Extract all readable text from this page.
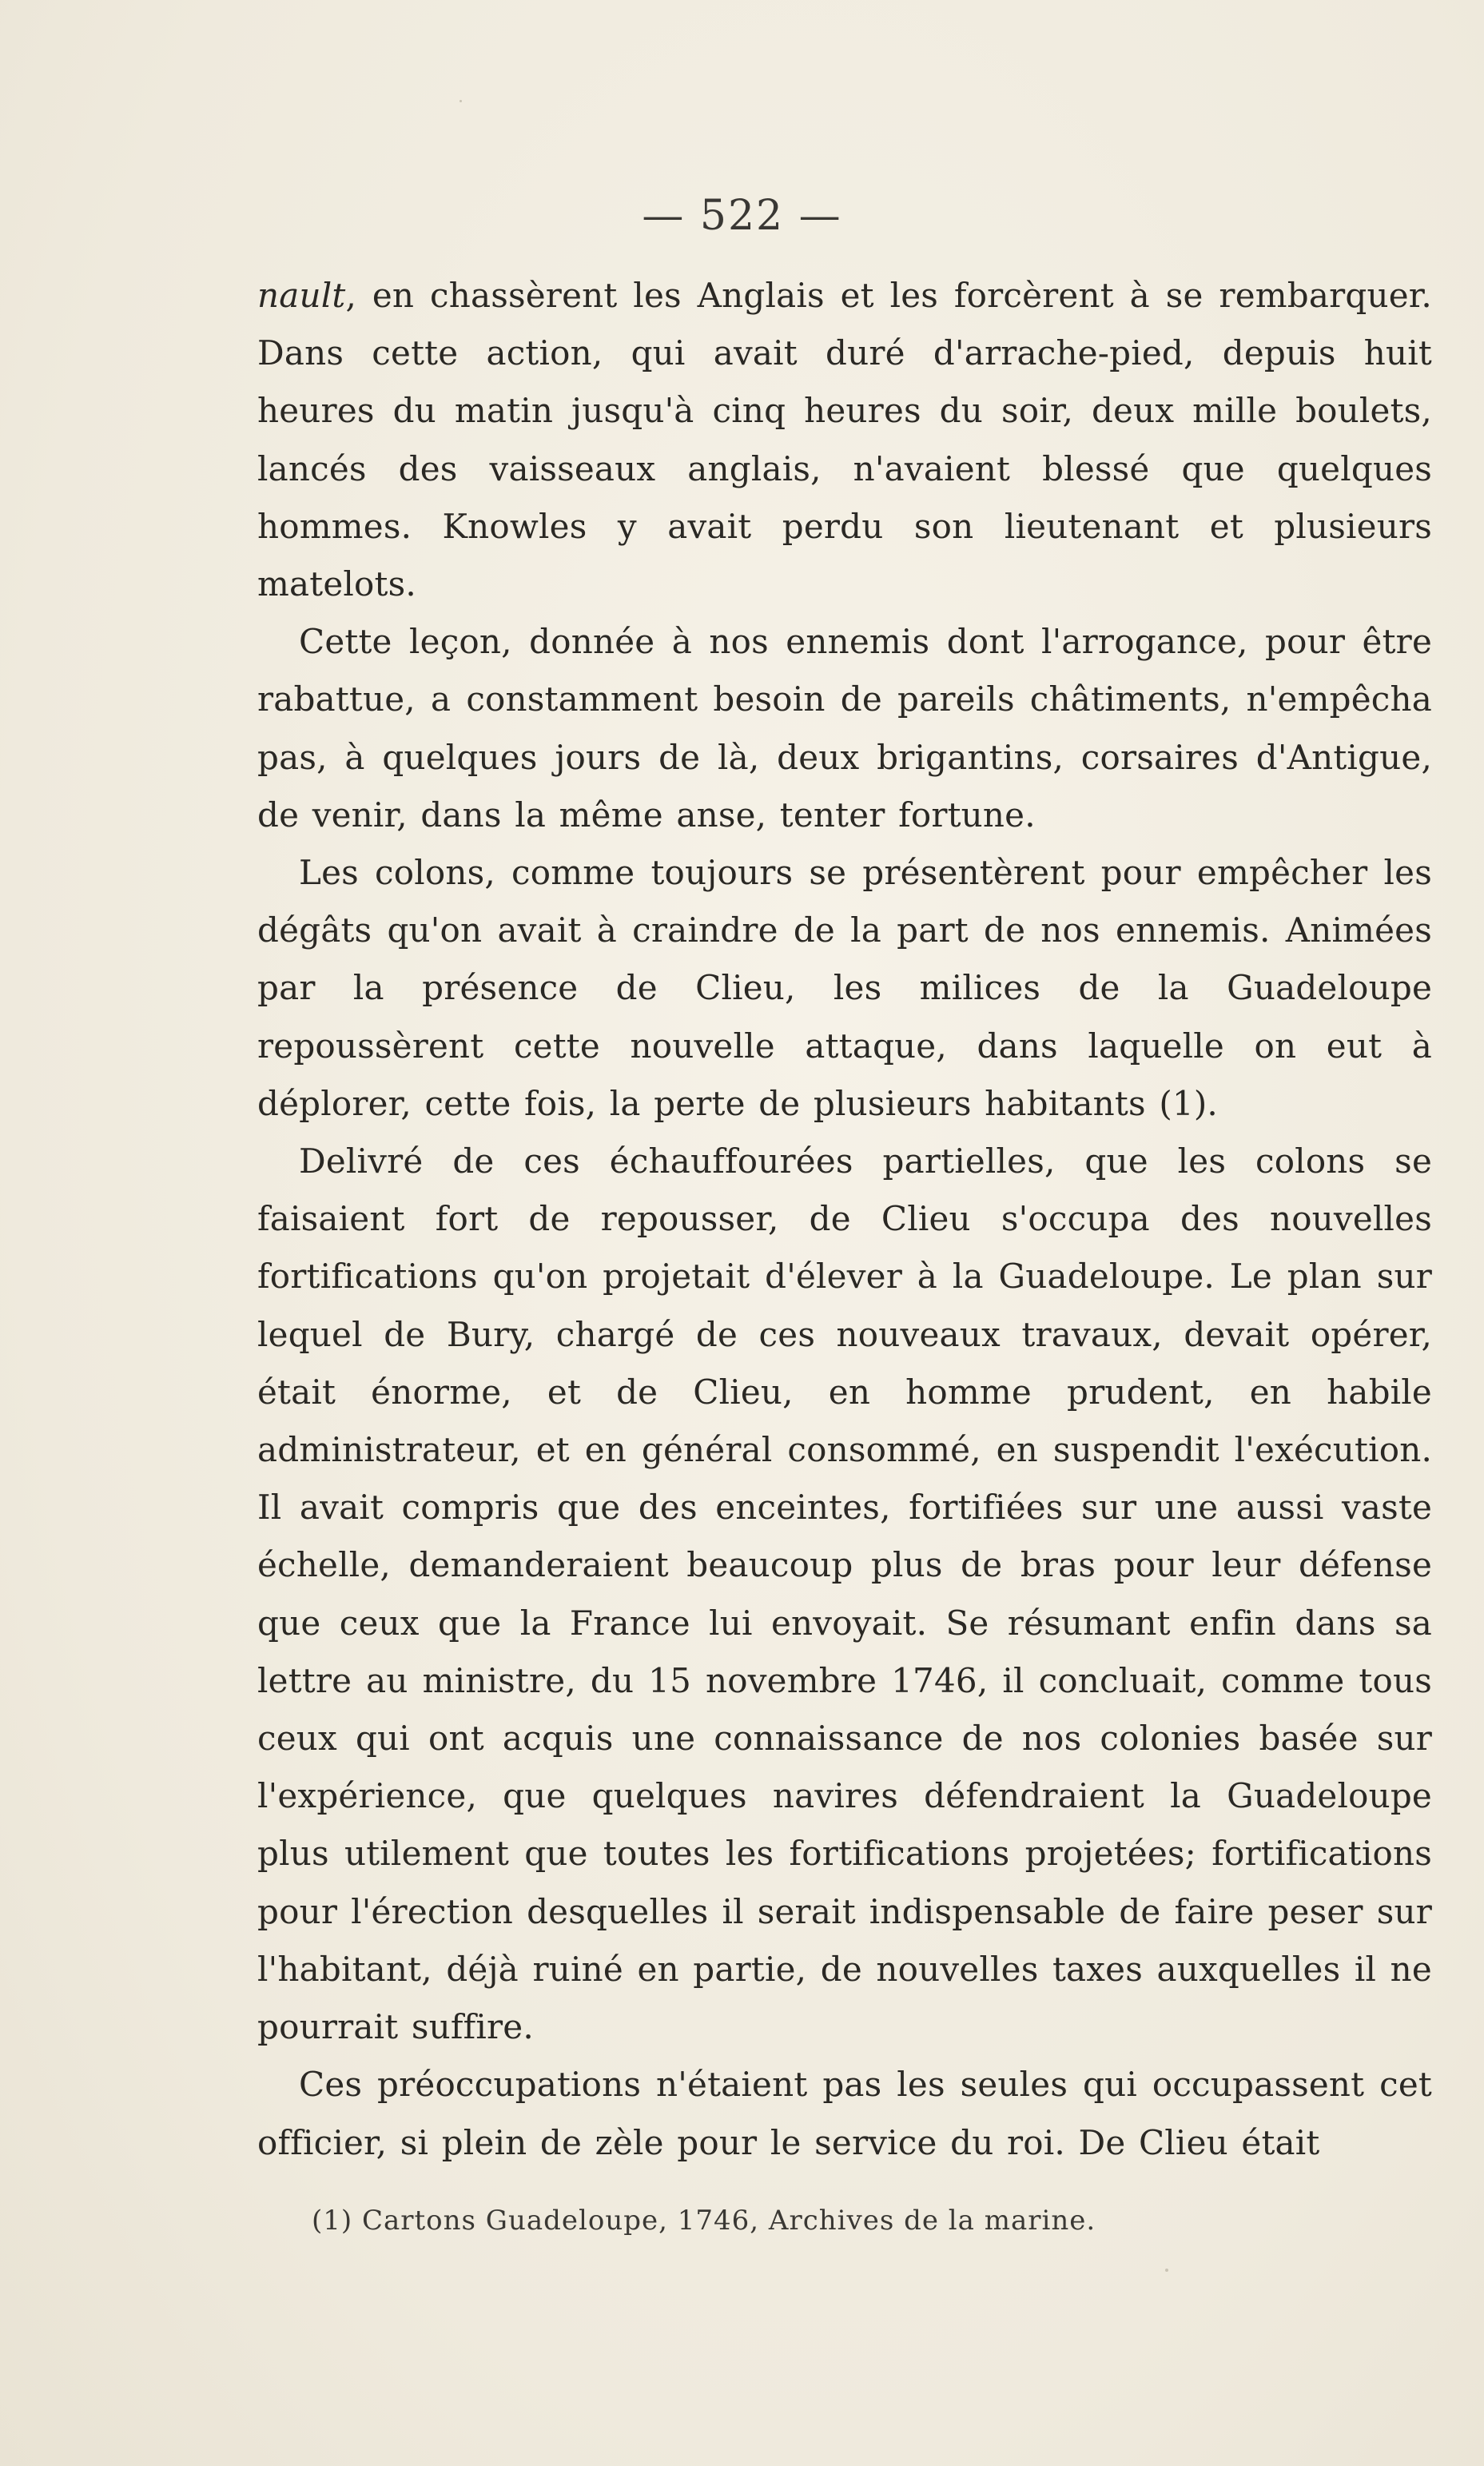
— 522 —

nault, en chassèrent les Anglais et les forcèrent à se rembarquer. Dans cette action, qui avait duré d'arrache-pied, depuis huit heures du matin jusqu'à cinq heures du soir, deux mille boulets, lancés des vaisseaux anglais, n'avaient blessé que quelques hommes. Knowles y avait perdu son lieutenant et plusieurs matelots.

Cette leçon, donnée à nos ennemis dont l'arrogance, pour être rabattue, a constamment besoin de pareils châtiments, n'empêcha pas, à quelques jours de là, deux brigantins, corsaires d'Antigue, de venir, dans la même anse, tenter fortune.

Les colons, comme toujours se présentèrent pour empêcher les dégâts qu'on avait à craindre de la part de nos ennemis. Animées par la présence de Clieu, les milices de la Guadeloupe repoussèrent cette nouvelle attaque, dans laquelle on eut à déplorer, cette fois, la perte de plusieurs habitants (1).

Delivré de ces échauffourées partielles, que les colons se faisaient fort de repousser, de Clieu s'occupa des nouvelles fortifications qu'on projetait d'élever à la Guadeloupe. Le plan sur lequel de Bury, chargé de ces nouveaux travaux, devait opérer, était énorme, et de Clieu, en homme prudent, en habile administrateur, et en général consommé, en suspendit l'exécution. Il avait compris que des enceintes, fortifiées sur une aussi vaste échelle, demanderaient beaucoup plus de bras pour leur défense que ceux que la France lui envoyait. Se résumant enfin dans sa lettre au ministre, du 15 novembre 1746, il concluait, comme tous ceux qui ont acquis une connaissance de nos colonies basée sur l'expérience, que quelques navires défendraient la Guadeloupe plus utilement que toutes les fortifications projetées; fortifications pour l'érection desquelles il serait indispensable de faire peser sur l'habitant, déjà ruiné en partie, de nouvelles taxes auxquelles il ne pourrait suffire.

Ces préoccupations n'étaient pas les seules qui occupassent cet officier, si plein de zèle pour le service du roi. De Clieu était

(1) Cartons Guadeloupe, 1746, Archives de la marine.
